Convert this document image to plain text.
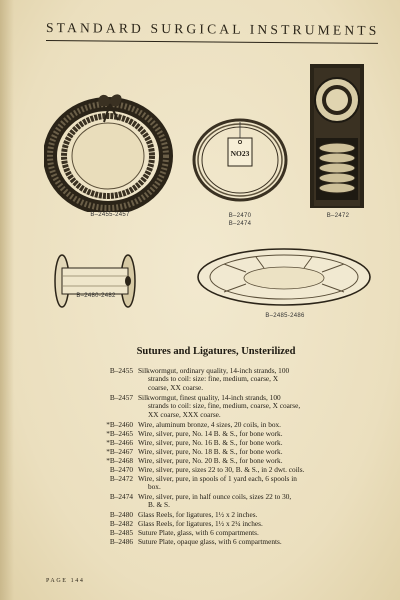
STANDARD SURGICAL INSTRUMENTS
B–2455-2457
NO23
B–2470
B–2474
B–2472
B–2480-2482
B–2485-2486
Sutures and Ligatures, Unsterilized
B–2455 Silkwormgut, ordinary quality, 14-inch strands, 100
strands to coil: size: fine, medium, coarse, X
coarse, XX coarse.
B–2457 Silkwormgut, finest quality, 14-inch strands, 100
strands to coil: size, fine, medium, coarse, X coarse,
XX coarse, XXX coarse.
*B–2460 Wire, aluminum bronze, 4 sizes, 20 coils, in box.
*B–2465 Wire, silver, pure, No. 14 B. & S., for bone work.
*B–2466 Wire, silver, pure, No. 16 B. & S., for bone work.
*B–2467 Wire, silver, pure, No. 18 B. & S., for bone work.
*B–2468 Wire, silver, pure, No. 20 B. & S., for bone work.
B–2470 Wire, silver, pure, sizes 22 to 30, B. & S., in 2 dwt. coils.
B–2472 Wire, silver, pure, in spools of 1 yard each, 6 spools in
box.
B–2474 Wire, silver, pure, in half ounce coils, sizes 22 to 30,
B. & S.
B–2480 Glass Reels, for ligatures, 1½ x 2 inches.
B–2482 Glass Reels, for ligatures, 1½ x 2¼ inches.
B–2485 Suture Plate, glass, with 6 compartments.
B–2486 Suture Plate, opaque glass, with 6 compartments.
PAGE 144
